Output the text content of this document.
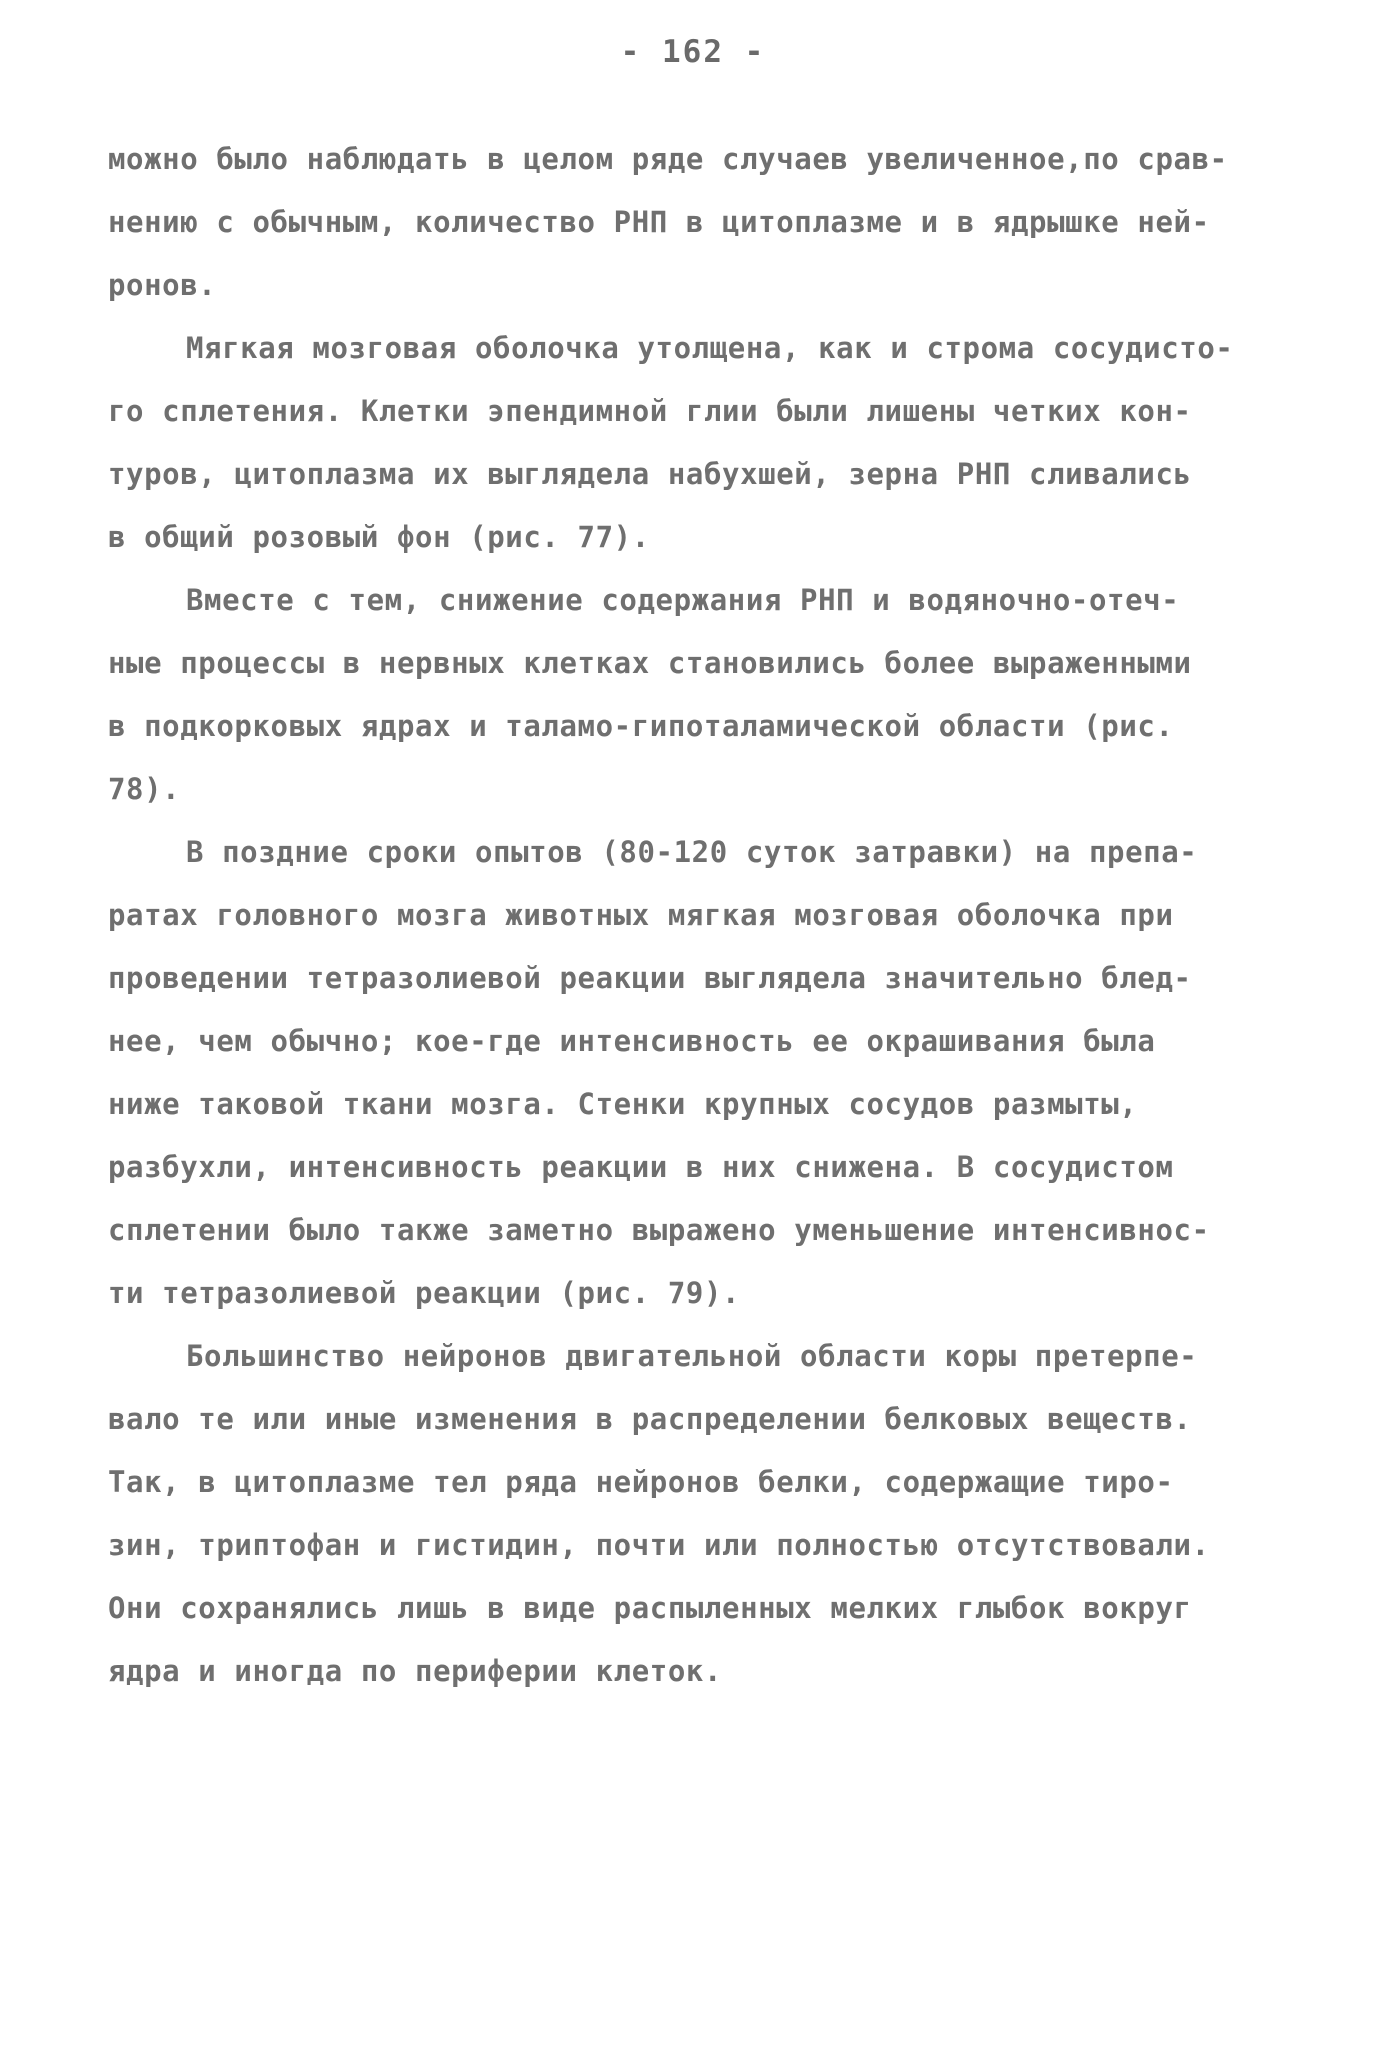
- 162 -
можно было наблюдать в целом ряде случаев увеличенное,по срав-
нению с обычным, количество РНП в цитоплазме и в ядрышке ней-
ронов.
Мягкая мозговая оболочка утолщена, как и строма сосудисто-
го сплетения. Клетки эпендимной глии были лишены четких кон-
туров, цитоплазма их выглядела набухшей, зерна РНП сливались
в общий розовый фон (рис. 77).
Вместе с тем, снижение содержания РНП и водяночно-отеч-
ные процессы в нервных клетках становились более выраженными
в подкорковых ядрах и таламо-гипоталамической области (рис.
78).
В поздние сроки опытов (80-120 суток затравки) на препа-
ратах головного мозга животных мягкая мозговая оболочка при
проведении тетразолиевой реакции выглядела значительно блед-
нее, чем обычно; кое-где интенсивность ее окрашивания была
ниже таковой ткани мозга. Стенки крупных сосудов размыты,
разбухли, интенсивность реакции в них снижена. В сосудистом
сплетении было также заметно выражено уменьшение интенсивнос-
ти тетразолиевой реакции (рис. 79).
Большинство нейронов двигательной области коры претерпе-
вало те или иные изменения в распределении белковых веществ.
Так, в цитоплазме тел ряда нейронов белки, содержащие тиро-
зин, триптофан и гистидин, почти или полностью отсутствовали.
Они сохранялись лишь в виде распыленных мелких глыбок вокруг
ядра и иногда по периферии клеток.
